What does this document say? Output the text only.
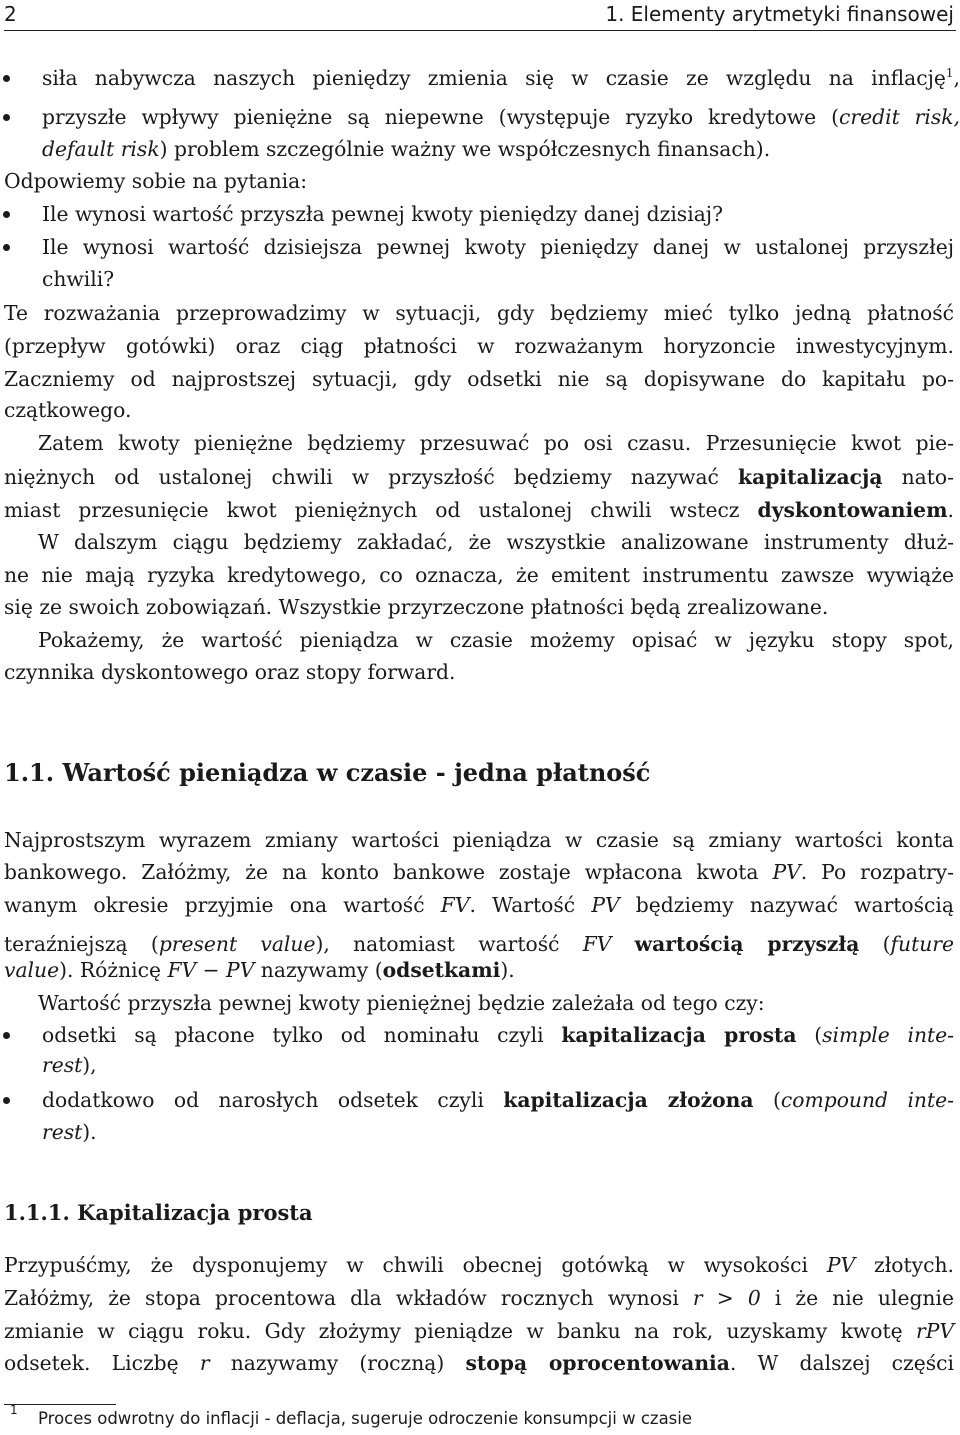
2	1. Elementy arytmetyki finansowej
siła nabywcza naszych pieniędzy zmienia się w czasie ze względu na inflację$^1$,
przyszłe wpływy pieniężne są niepewne (występuje ryzyko kredytowe (credit risk,
default risk) problem szczególnie ważny we współczesnych finansach).
Odpowiemy sobie na pytania:
Ile wynosi wartość przyszła pewnej kwoty pieniędzy danej dzisiaj?
Ile wynosi wartość dzisiejsza pewnej kwoty pieniędzy danej w ustalonej przyszłej
chwili?
Te rozważania przeprowadzimy w sytuacji, gdy będziemy mieć tylko jedną płatność
(przepływ gotówki) oraz ciąg płatności w rozważanym horyzoncie inwestycyjnym.
Zaczniemy od najprostszej sytuacji, gdy odsetki nie są dopisywane do kapitału po-
czątkowego.
Zatem kwoty pieniężne będziemy przesuwać po osi czasu. Przesunięcie kwot pie-
niężnych od ustalonej chwili w przyszłość będziemy nazywać kapitalizacją nato-
miast przesunięcie kwot pieniężnych od ustalonej chwili wstecz dyskontowaniem.
W dalszym ciągu będziemy zakładać, że wszystkie analizowane instrumenty dłuż-
ne nie mają ryzyka kredytowego, co oznacza, że emitent instrumentu zawsze wywiąże
się ze swoich zobowiązań. Wszystkie przyrzeczone płatności będą zrealizowane.
Pokażemy, że wartość pieniądza w czasie możemy opisać w języku stopy spot,
czynnika dyskontowego oraz stopy forward.
1.1. Wartość pieniądza w czasie - jedna płatność
Najprostszym wyrazem zmiany wartości pieniądza w czasie są zmiany wartości konta
bankowego. Załóżmy, że na konto bankowe zostaje wpłacona kwota PV. Po rozpatry-
wanym okresie przyjmie ona wartość FV. Wartość PV będziemy nazywać wartością
teraźniejszą (present value), natomiast wartość FV wartością przyszłą (future
value). Różnicę FV − PV nazywamy (odsetkami).
Wartość przyszła pewnej kwoty pieniężnej będzie zależała od tego czy:
odsetki są płacone tylko od nominału czyli kapitalizacja prosta (simple inte-
rest),
dodatkowo od narosłych odsetek czyli kapitalizacja złożona (compound inte-
rest).
1.1.1. Kapitalizacja prosta
Przypuśćmy, że dysponujemy w chwili obecnej gotówką w wysokości PV złotych.
Załóżmy, że stopa procentowa dla wkładów rocznych wynosi r > 0 i że nie ulegnie
zmianie w ciągu roku. Gdy złożymy pieniądze w banku na rok, uzyskamy kwotę rPV
odsetek. Liczbę r nazywamy (roczną) stopą oprocentowania. W dalszej części
1 Proces odwrotny do inflacji - deflacja, sugeruje odroczenie konsumpcji w czasie
